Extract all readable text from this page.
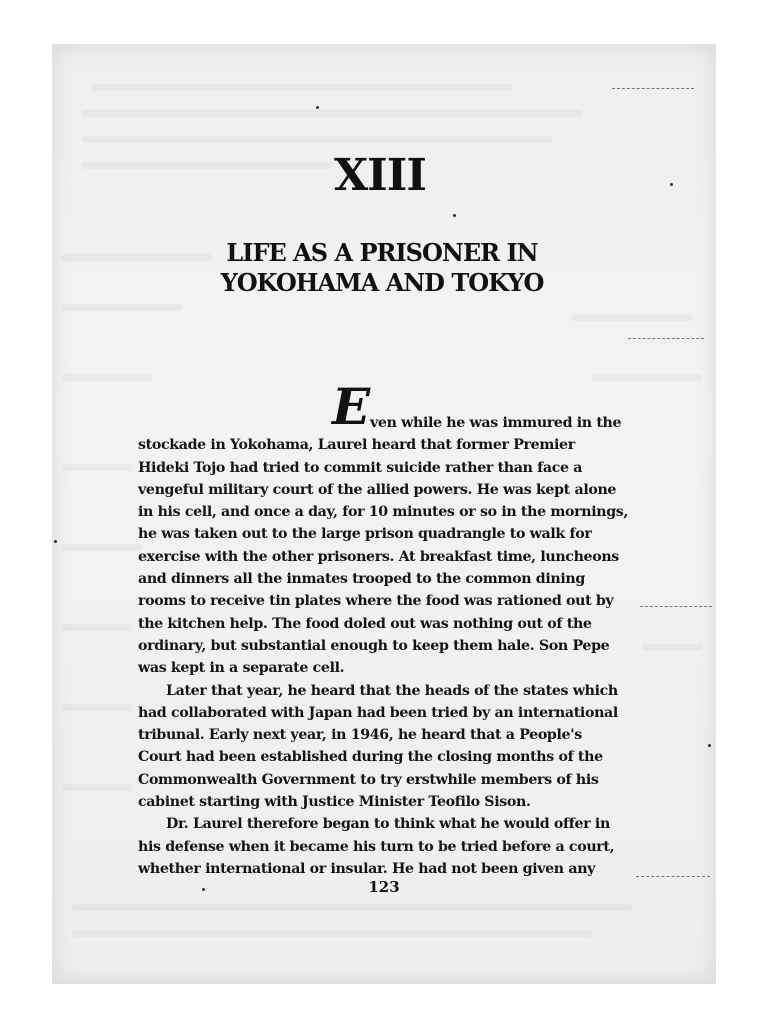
XIII
LIFE AS A PRISONER IN
YOKOHAMA AND TOKYO
E ven while he was immured in the
stockade in Yokohama, Laurel heard that former Premier
Hideki Tojo had tried to commit suicide rather than face a
vengeful military court of the allied powers. He was kept alone
in his cell, and once a day, for 10 minutes or so in the mornings,
he was taken out to the large prison quadrangle to walk for
exercise with the other prisoners. At breakfast time, luncheons
and dinners all the inmates trooped to the common dining
rooms to receive tin plates where the food was rationed out by
the kitchen help. The food doled out was nothing out of the
ordinary, but substantial enough to keep them hale. Son Pepe
was kept in a separate cell.
Later that year, he heard that the heads of the states which
had collaborated with Japan had been tried by an international
tribunal. Early next year, in 1946, he heard that a People's
Court had been established during the closing months of the
Commonwealth Government to try erstwhile members of his
cabinet starting with Justice Minister Teofilo Sison.
Dr. Laurel therefore began to think what he would offer in
his defense when it became his turn to be tried before a court,
whether international or insular. He had not been given any
123
